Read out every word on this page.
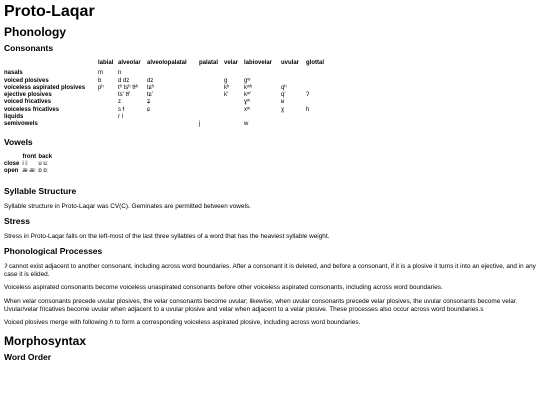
Proto-Laqar
Phonology
Consonants
	labial	alveolar	alveolopalatal	palatal	velar	labiovelar	uvular	glottal
nasals	m	n						
voiced plosives	b	d dz	dz		g	gʷ		
voiceless aspirated plosives	pʰ	tʰ tsʰ tɬʰ	tɕʰ		kʰ	kʷʰ	qʰ	
ejective plosives		ts' tɬ'	tɕ'		k'	kʷ'	q'	ʔ
voiced fricatives		z	ʑ			ɣʷ	ʁ	
voiceless fricatives		s ɬ	ɕ			xʷ	χ	h
liquids		ɾ l						
semivowels				j		w		
Vowels
	front	back
close	i iː	u uː
open	æ æː	ɒ ɒː
Syllable Structure

Syllable structure in Proto-Laqar was CV(C). Geminates are permitted between vowels.

Stress

Stress in Proto-Laqar falls on the left-most of the last three syllables of a word that has the heaviest syllable weight.

Phonological Processes

ʔ cannot exist adjacent to another consonant, including across word boundaries. After a consonant it is deleted, and before a consonant, if it is a plosive it turns it into an ejective, and in any case it is elided.

Voiceless aspirated consonants become voiceless unaspirated consonants before other voiceless aspirated consonants, including across word boundaries.

When velar consonants precede uvular plosives, the velar consonants become uvular; likewise, when uvular consonants precede velar plosives, the uvular consonants become velar. Uvular/velar fricatives become uvular when adjacent to a uvular plosive and velar when adjacent to a velar plosive. These processes also occur across word boundaries.s

Voiced plosives merge with following h to form a corresponding voiceless aspirated plosive, including across word boundaries.

Morphosyntax
Word Order
